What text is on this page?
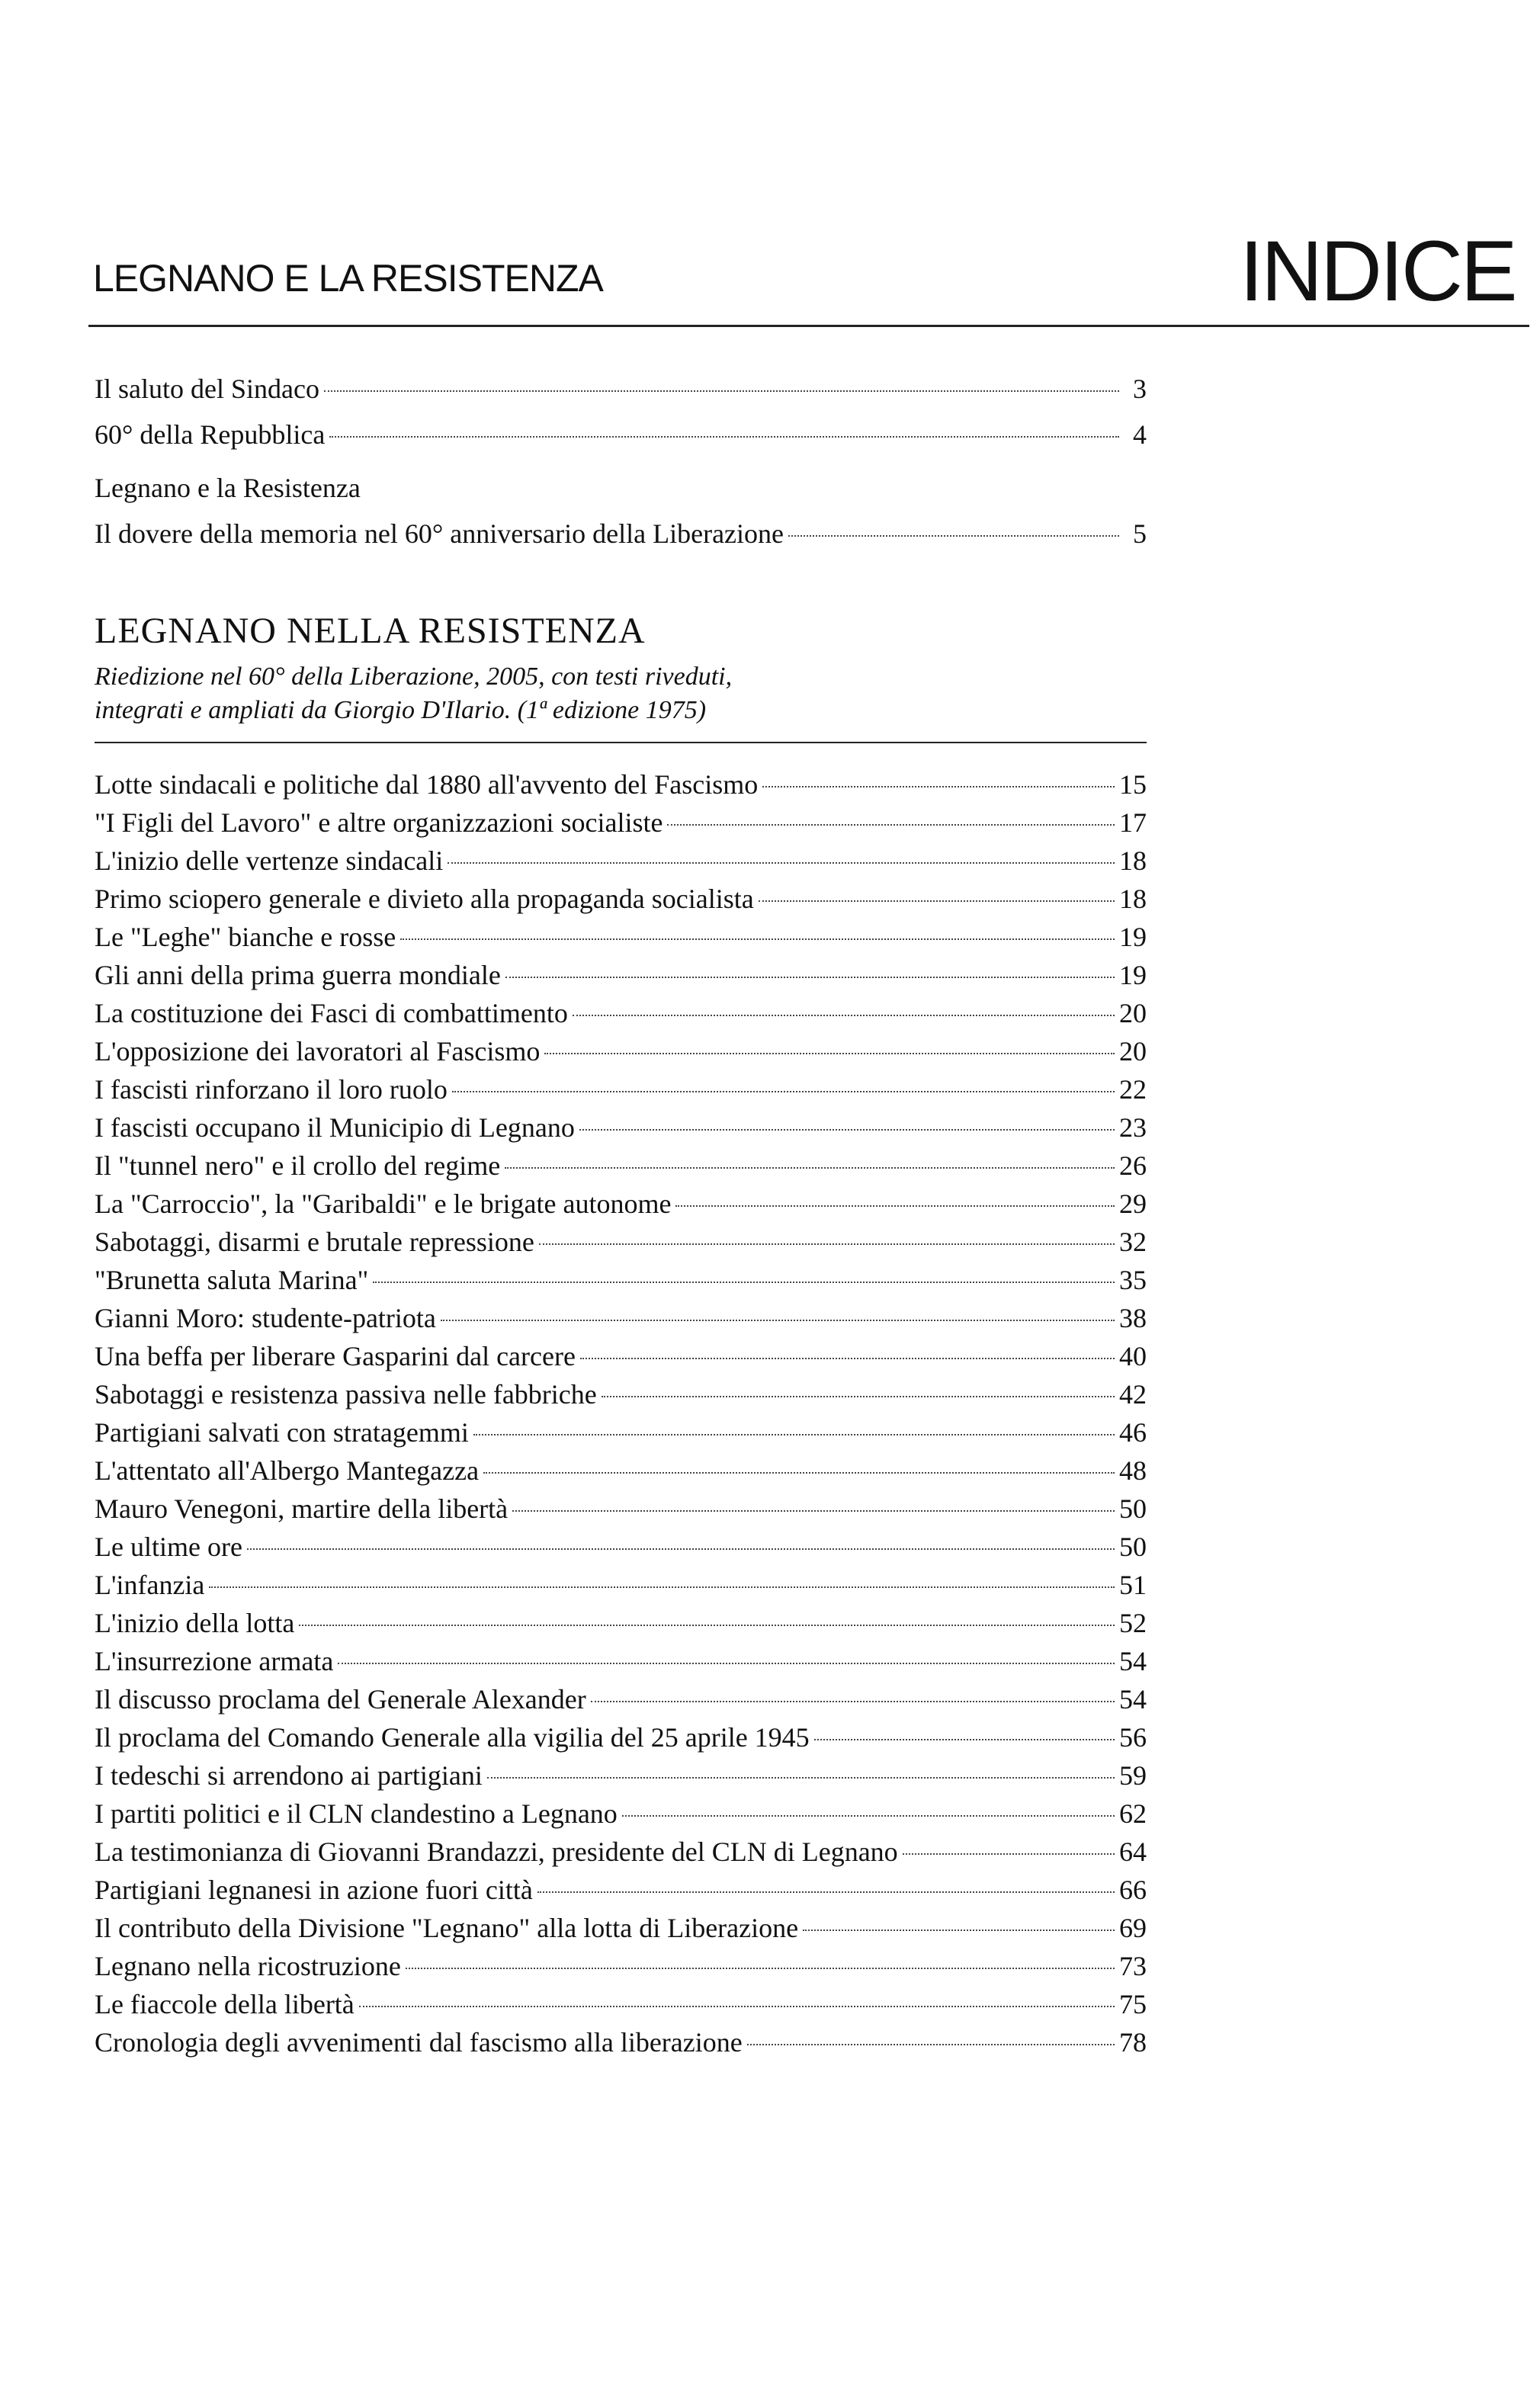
LEGNANO E LA RESISTENZA	INDICE
Il saluto del Sindaco	3
60° della Repubblica	4
Legnano e la Resistenza
Il dovere della memoria nel 60° anniversario della Liberazione	5
LEGNANO NELLA RESISTENZA
Riedizione nel 60° della Liberazione, 2005, con testi riveduti,
integrati e ampliati da Giorgio D'Ilario. (1ª edizione 1975)
Lotte sindacali e politiche dal 1880 all'avvento del Fascismo	15
"I Figli del Lavoro" e altre organizzazioni socialiste	17
L'inizio delle vertenze sindacali	18
Primo sciopero generale e divieto alla propaganda socialista	18
Le "Leghe" bianche e rosse	19
Gli anni della prima guerra mondiale	19
La costituzione dei Fasci di combattimento	20
L'opposizione dei lavoratori al Fascismo	20
I fascisti rinforzano il loro ruolo	22
I fascisti occupano il Municipio di Legnano	23
Il "tunnel nero" e il crollo del regime	26
La "Carroccio", la "Garibaldi" e le brigate autonome	29
Sabotaggi, disarmi e brutale repressione	32
"Brunetta saluta Marina"	35
Gianni Moro: studente-patriota	38
Una beffa per liberare Gasparini dal carcere	40
Sabotaggi e resistenza passiva nelle fabbriche	42
Partigiani salvati con stratagemmi	46
L'attentato all'Albergo Mantegazza	48
Mauro Venegoni, martire della libertà	50
Le ultime ore	50
L'infanzia	51
L'inizio della lotta	52
L'insurrezione armata	54
Il discusso proclama del Generale Alexander	54
Il proclama del Comando Generale alla vigilia del 25 aprile 1945	56
I tedeschi si arrendono ai partigiani	59
I partiti politici e il CLN clandestino a Legnano	62
La testimonianza di Giovanni Brandazzi, presidente del CLN di Legnano	64
Partigiani legnanesi in azione fuori città	66
Il contributo della Divisione "Legnano" alla lotta di Liberazione	69
Legnano nella ricostruzione	73
Le fiaccole della libertà	75
Cronologia degli avvenimenti dal fascismo alla liberazione	78
